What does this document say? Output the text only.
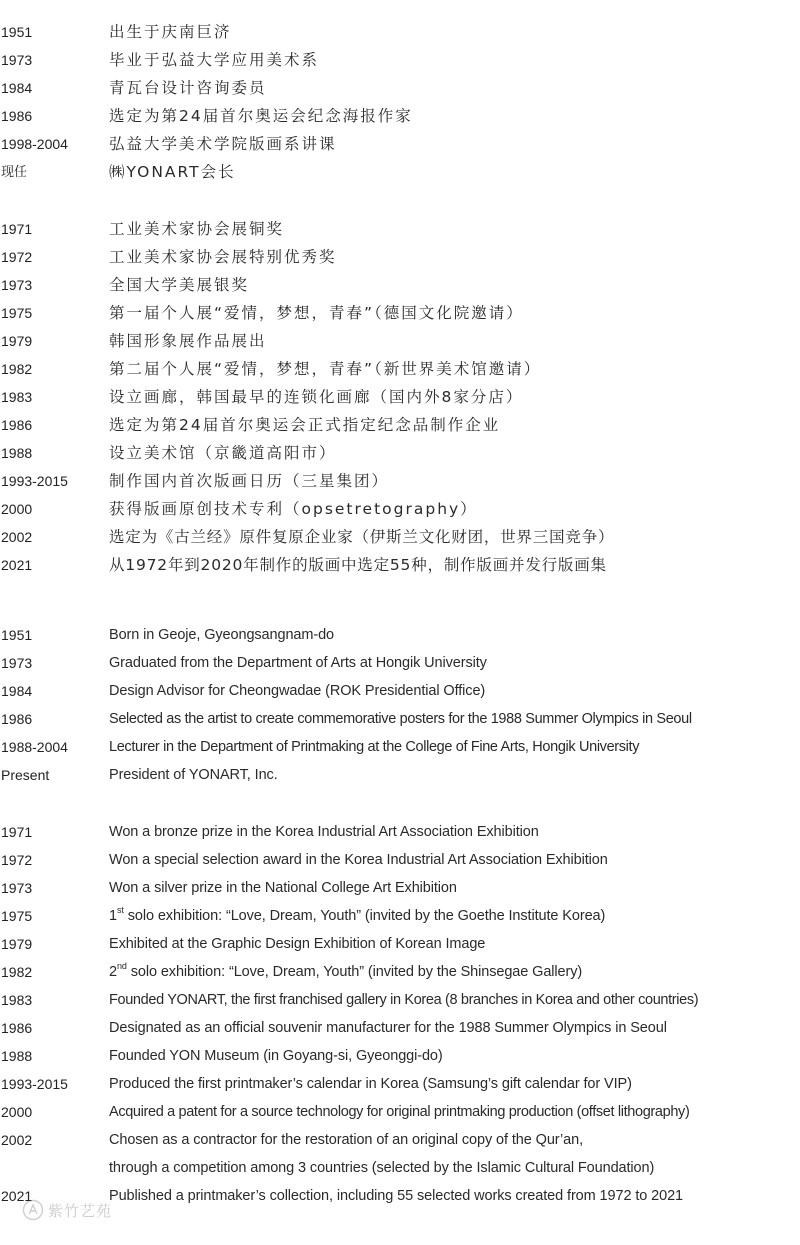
1951	出生于庆南巨济
1973	毕业于弘益大学应用美术系
1984	青瓦台设计咨询委员
1986	选定为第24届首尔奥运会纪念海报作家
1998-2004	弘益大学美术学院版画系讲课
现任	㈱YONART会长
1971	工业美术家协会展铜奖
1972	工业美术家协会展特别优秀奖
1973	全国大学美展银奖
1975	第一届个人展“爱情，梦想，青春”（德国文化院邀请）
1979	韩国形象展作品展出
1982	第二届个人展“爱情，梦想，青春”（新世界美术馆邀请）
1983	设立画廊，韩国最早的连锁化画廊（国内外8家分店）
1986	选定为第24届首尔奥运会正式指定纪念品制作企业
1988	设立美术馆（京畿道高阳市）
1993-2015	制作国内首次版画日历（三星集团）
2000	获得版画原创技术专利（opsetretography）
2002	选定为《古兰经》原件复原企业家（伊斯兰文化财团，世界三国竞争）
2021	从1972年到2020年制作的版画中选定55种，制作版画并发行版画集
1951	Born in Geoje, Gyeongsangnam-do
1973	Graduated from the Department of Arts at Hongik University
1984	Design Advisor for Cheongwadae (ROK Presidential Office)
1986	Selected as the artist to create commemorative posters for the 1988 Summer Olympics in Seoul
1988-2004	Lecturer in the Department of Printmaking at the College of Fine Arts, Hongik University
Present	President of YONART, Inc.
1971	Won a bronze prize in the Korea Industrial Art Association Exhibition
1972	Won a special selection award in the Korea Industrial Art Association Exhibition
1973	Won a silver prize in the National College Art Exhibition
1975	1st solo exhibition: “Love, Dream, Youth” (invited by the Goethe Institute Korea)
1979	Exhibited at the Graphic Design Exhibition of Korean Image
1982	2nd solo exhibition: “Love, Dream, Youth” (invited by the Shinsegae Gallery)
1983	Founded YONART, the first franchised gallery in Korea (8 branches in Korea and other countries)
1986	Designated as an official souvenir manufacturer for the 1988 Summer Olympics in Seoul
1988	Founded YON Museum (in Goyang-si, Gyeonggi-do)
1993-2015	Produced the first printmaker’s calendar in Korea (Samsung’s gift calendar for VIP)
2000	Acquired a patent for a source technology for original printmaking production (offset lithography)
2002	Chosen as a contractor for the restoration of an original copy of the Qur’an,
through a competition among 3 countries (selected by the Islamic Cultural Foundation)
2021	Published a printmaker’s collection, including 55 selected works created from 1972 to 2021
紫竹艺苑
